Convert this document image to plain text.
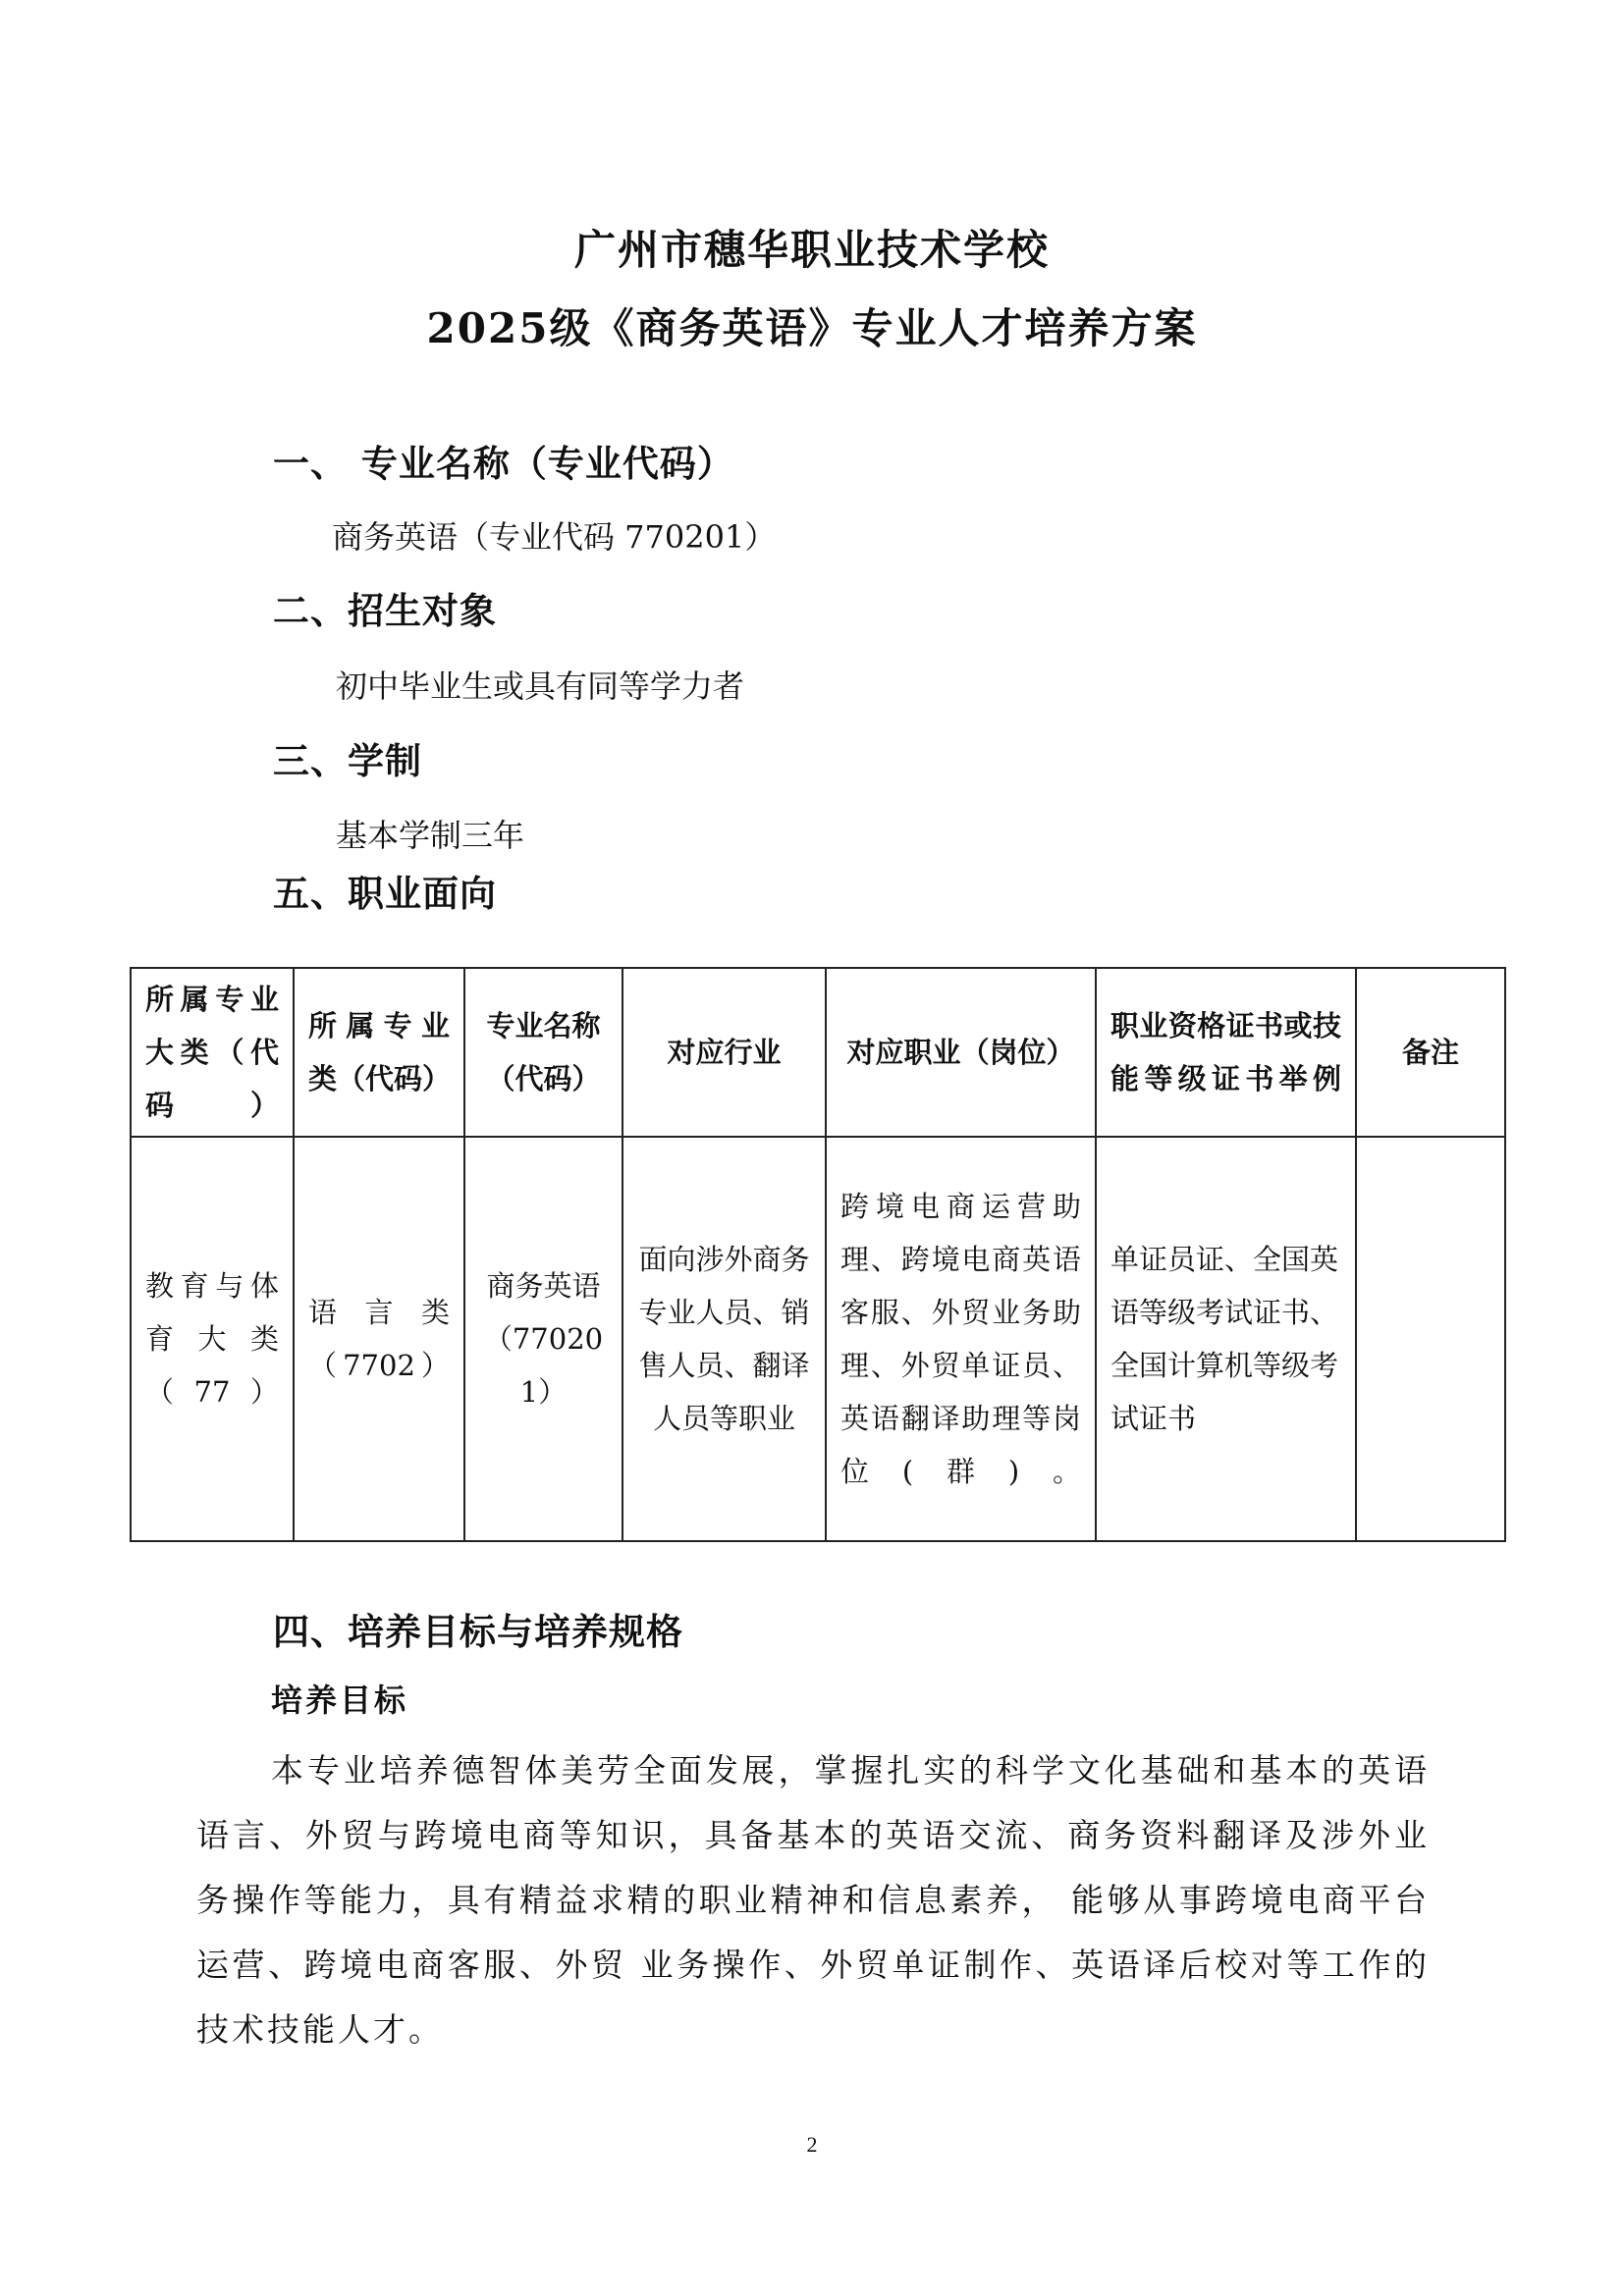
广州市穗华职业技术学校
2025级《商务英语》专业人才培养方案
一、 专业名称（专业代码）
商务英语（专业代码 770201）
二、招生对象
初中毕业生或具有同等学力者
三、学制
基本学制三年
五、职业面向
所属专业大类（代码）	所属专业类（代码）	专业名称（代码）	对应行业	对应职业（岗位）	职业资格证书或技能等级证书举例	备注
教育与体育大类（77）	语言类（7702）	商务英语（770201）	面向涉外商务专业人员、销售人员、翻译人员等职业	跨境电商运营助理、跨境电商英语客服、外贸业务助理、外贸单证员、英语翻译助理等岗位(群)。	单证员证、全国英语等级考试证书、全国计算机等级考试证书	
四、培养目标与培养规格
培养目标
本专业培养德智体美劳全面发展，掌握扎实的科学文化基础和基本的英语语言、外贸与跨境电商等知识，具备基本的英语交流、商务资料翻译及涉外业务操作等能力，具有精益求精的职业精神和信息素养， 能够从事跨境电商平台运营、跨境电商客服、外贸 业务操作、外贸单证制作、英语译后校对等工作的技术技能人才。
2
